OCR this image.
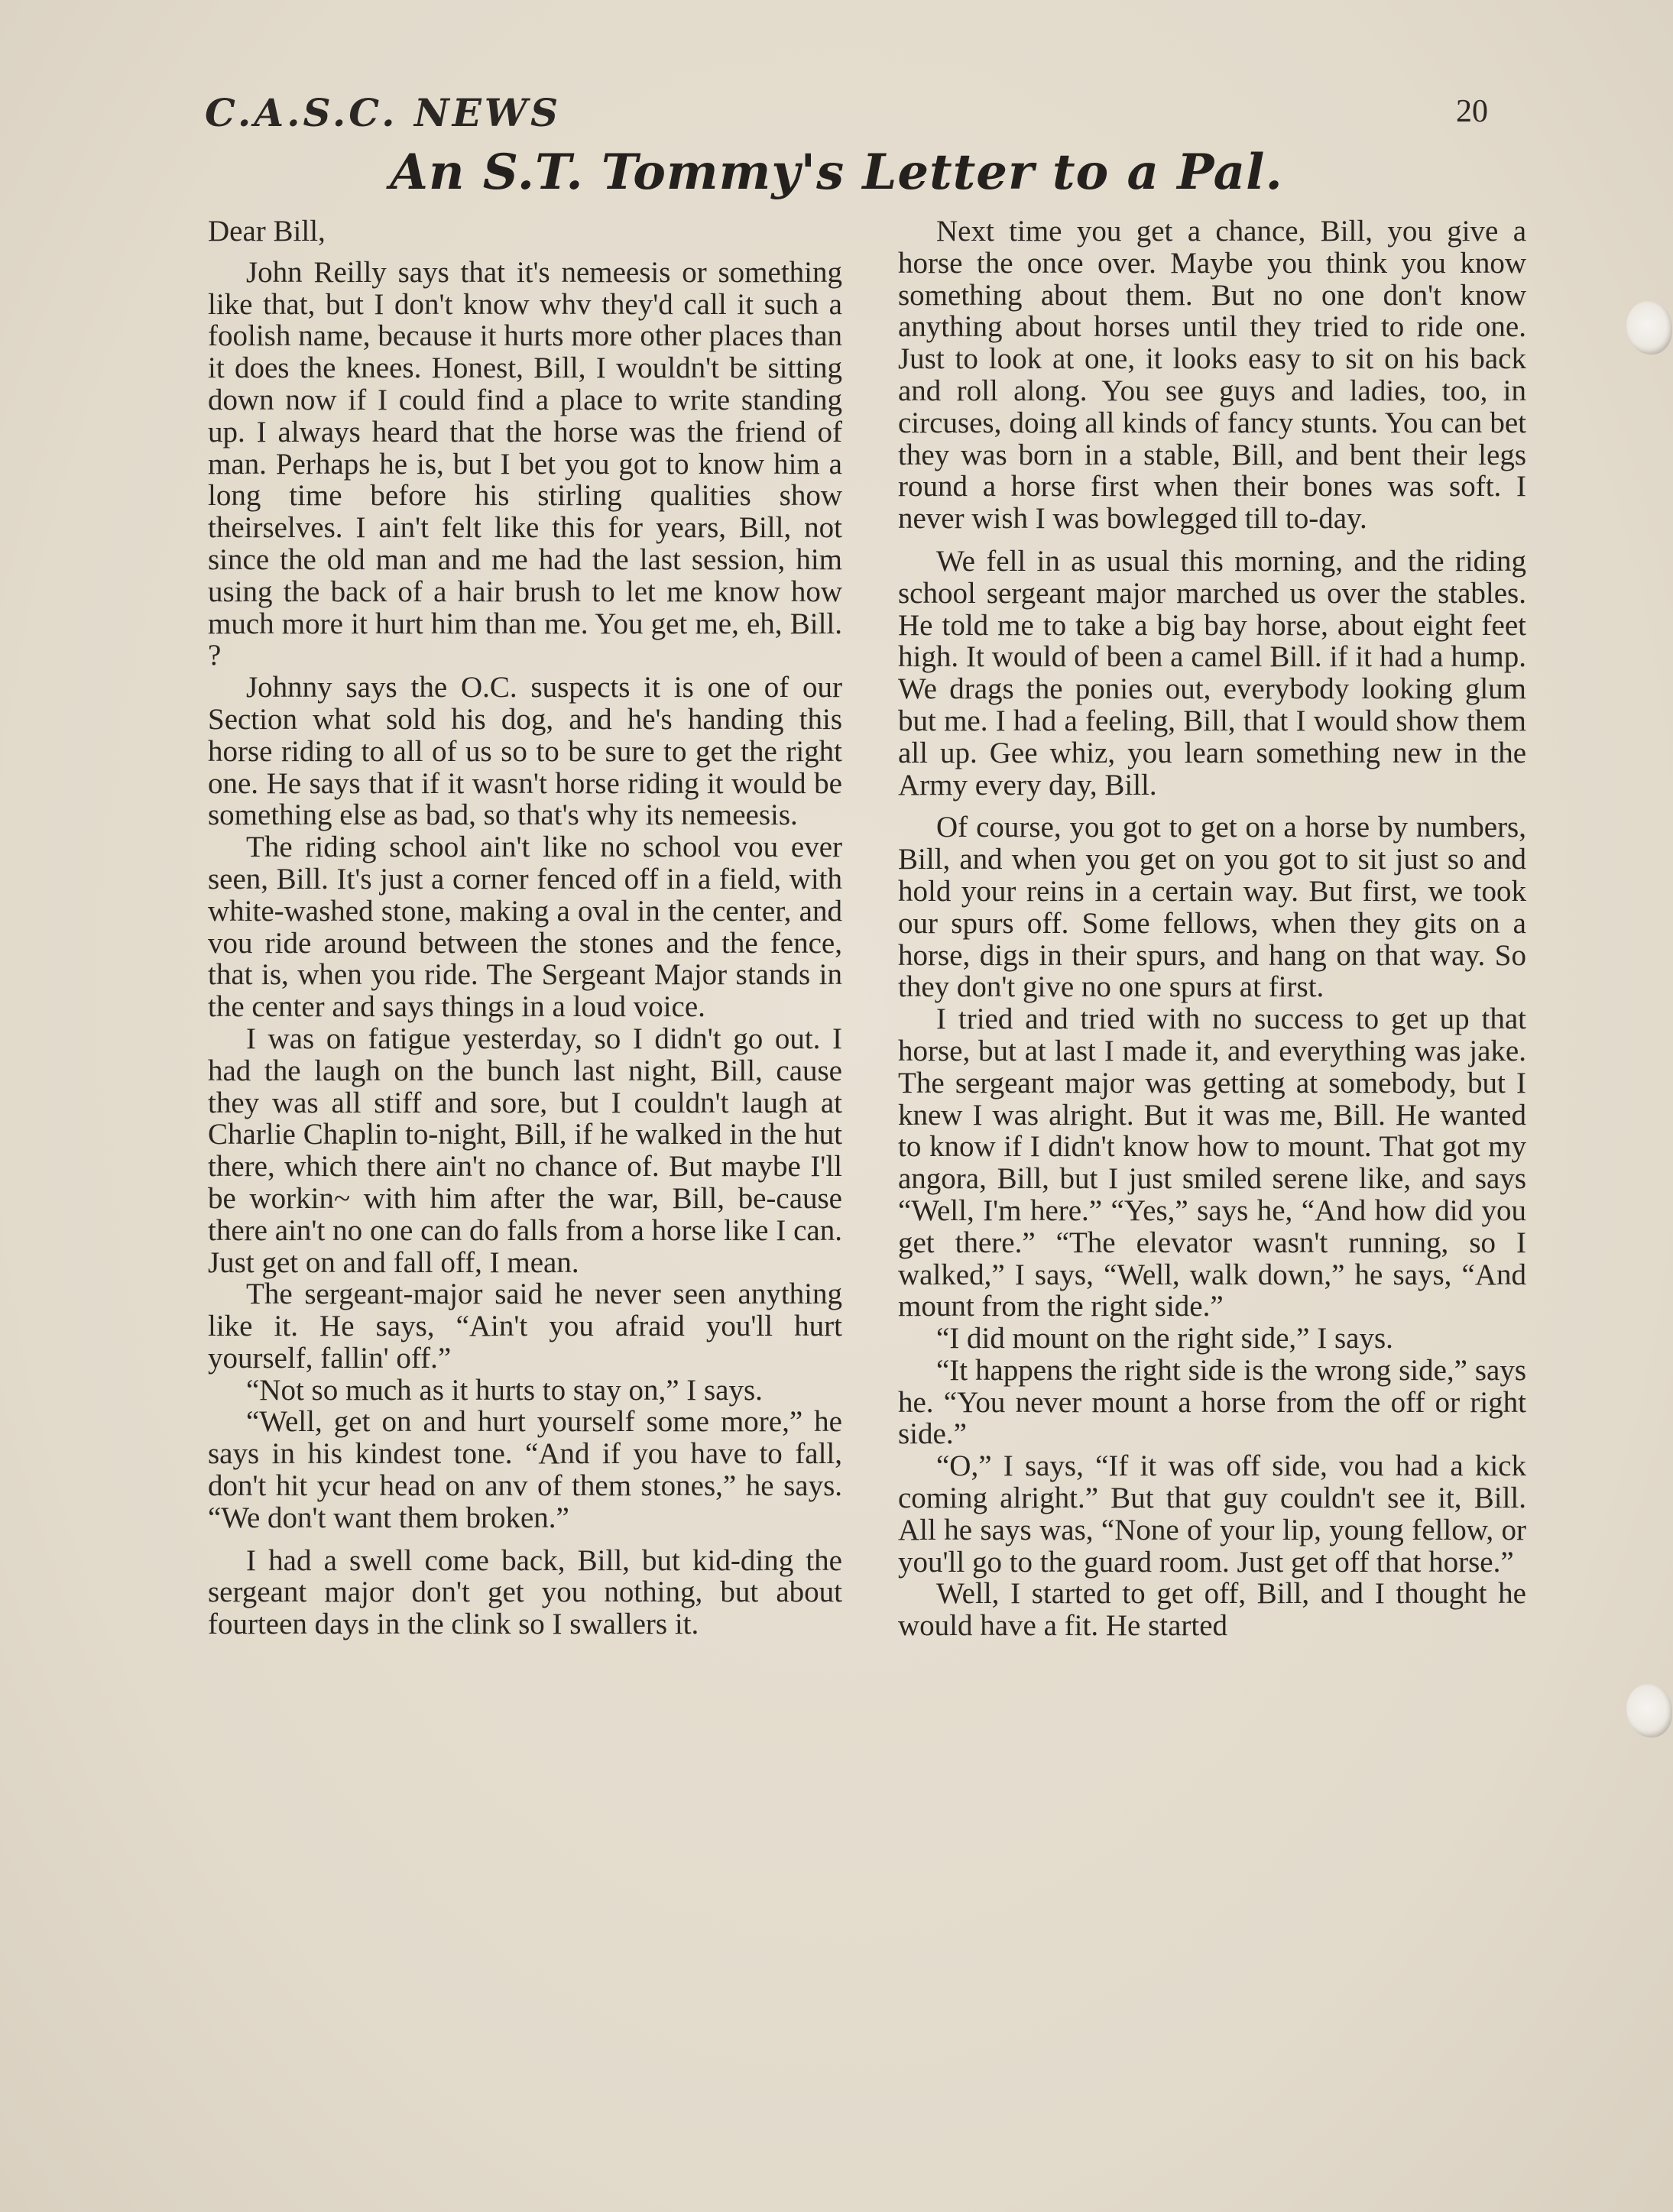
C.A.S.C. NEWS	20
An S.T. Tommy's Letter to a Pal.

Dear Bill,

John Reilly says that it's nemeesis or something like that, but I don't know whv they'd call it such a foolish name, because it hurts more other places than it does the knees. Honest, Bill, I wouldn't be sitting down now if I could find a place to write standing up. I always heard that the horse was the friend of man. Perhaps he is, but I bet you got to know him a long time before his stirling qualities show theirselves. I ain't felt like this for years, Bill, not since the old man and me had the last session, him using the back of a hair brush to let me know how much more it hurt him than me. You get me, eh, Bill. ?

Johnny says the O.C. suspects it is one of our Section what sold his dog, and he's handing this horse riding to all of us so to be sure to get the right one. He says that if it wasn't horse riding it would be something else as bad, so that's why its nemeesis.

The riding school ain't like no school vou ever seen, Bill. It's just a corner fenced off in a field, with white-washed stone, making a oval in the center, and vou ride around between the stones and the fence, that is, when you ride. The Sergeant Major stands in the center and says things in a loud voice.

I was on fatigue yesterday, so I didn't go out. I had the laugh on the bunch last night, Bill, cause they was all stiff and sore, but I couldn't laugh at Charlie Chaplin to-night, Bill, if he walked in the hut there, which there ain't no chance of. But maybe I'll be workin~ with him after the war, Bill, be-cause there ain't no one can do falls from a horse like I can. Just get on and fall off, I mean.

The sergeant-major said he never seen anything like it. He says, “Ain't you afraid you'll hurt yourself, fallin' off.”

“Not so much as it hurts to stay on,” I says.

“Well, get on and hurt yourself some more,” he says in his kindest tone. “And if you have to fall, don't hit ycur head on anv of them stones,” he says. “We don't want them broken.”

I had a swell come back, Bill, but kid-ding the sergeant major don't get you nothing, but about fourteen days in the clink so I swallers it.

Next time you get a chance, Bill, you give a horse the once over. Maybe you think you know something about them. But no one don't know anything about horses until they tried to ride one. Just to look at one, it looks easy to sit on his back and roll along. You see guys and ladies, too, in circuses, doing all kinds of fancy stunts. You can bet they was born in a stable, Bill, and bent their legs round a horse first when their bones was soft. I never wish I was bowlegged till to-day.

We fell in as usual this morning, and the riding school sergeant major marched us over the stables. He told me to take a big bay horse, about eight feet high. It would of been a camel Bill. if it had a hump. We drags the ponies out, everybody looking glum but me. I had a feeling, Bill, that I would show them all up. Gee whiz, you learn something new in the Army every day, Bill.

Of course, you got to get on a horse by numbers, Bill, and when you get on you got to sit just so and hold your reins in a certain way. But first, we took our spurs off. Some fellows, when they gits on a horse, digs in their spurs, and hang on that way. So they don't give no one spurs at first.

I tried and tried with no success to get up that horse, but at last I made it, and everything was jake. The sergeant major was getting at somebody, but I knew I was alright. But it was me, Bill. He wanted to know if I didn't know how to mount. That got my angora, Bill, but I just smiled serene like, and says “Well, I'm here.” “Yes,” says he, “And how did you get there.” “The elevator wasn't running, so I walked,” I says, “Well, walk down,” he says, “And mount from the right side.”

“I did mount on the right side,” I says.

“It happens the right side is the wrong side,” says he. “You never mount a horse from the off or right side.”

“O,” I says, “If it was off side, vou had a kick coming alright.” But that guy couldn't see it, Bill. All he says was, “None of your lip, young fellow, or you'll go to the guard room. Just get off that horse.”

Well, I started to get off, Bill, and I thought he would have a fit. He started
